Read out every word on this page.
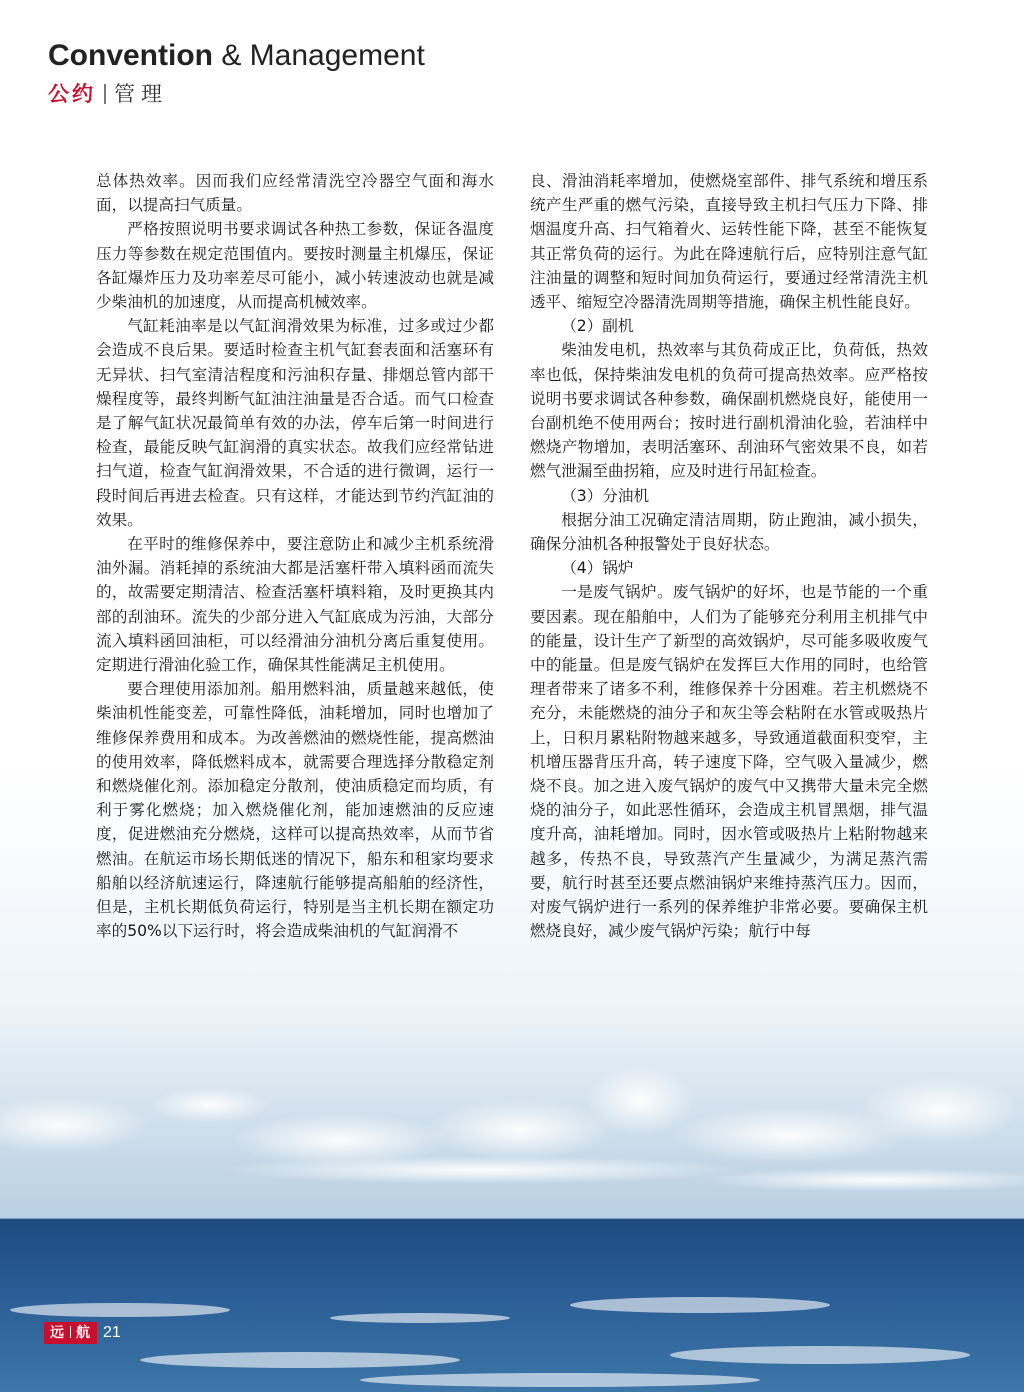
Convention & Management
公约 管理

总体热效率。因而我们应经常清洗空冷器空气面和海水面，以提高扫气质量。

严格按照说明书要求调试各种热工参数，保证各温度压力等参数在规定范围值内。要按时测量主机爆压，保证各缸爆炸压力及功率差尽可能小，减小转速波动也就是减少柴油机的加速度，从而提高机械效率。

气缸耗油率是以气缸润滑效果为标准，过多或过少都会造成不良后果。要适时检查主机气缸套表面和活塞环有无异状、扫气室清洁程度和污油积存量、排烟总管内部干燥程度等，最终判断气缸油注油量是否合适。而气口检查是了解气缸状况最简单有效的办法，停车后第一时间进行检查，最能反映气缸润滑的真实状态。故我们应经常钻进扫气道，检查气缸润滑效果，不合适的进行微调，运行一段时间后再进去检查。只有这样，才能达到节约汽缸油的效果。

在平时的维修保养中，要注意防止和减少主机系统滑油外漏。消耗掉的系统油大都是活塞杆带入填料函而流失的，故需要定期清洁、检查活塞杆填料箱，及时更换其内部的刮油环。流失的少部分进入气缸底成为污油，大部分流入填料函回油柜，可以经滑油分油机分离后重复使用。定期进行滑油化验工作，确保其性能满足主机使用。

要合理使用添加剂。船用燃料油，质量越来越低，使柴油机性能变差，可靠性降低，油耗增加，同时也增加了维修保养费用和成本。为改善燃油的燃烧性能，提高燃油的使用效率，降低燃料成本，就需要合理选择分散稳定剂和燃烧催化剂。添加稳定分散剂，使油质稳定而均质，有利于雾化燃烧；加入燃烧催化剂，能加速燃油的反应速度，促进燃油充分燃烧，这样可以提高热效率，从而节省燃油。在航运市场长期低迷的情况下，船东和租家均要求船舶以经济航速运行，降速航行能够提高船舶的经济性，但是，主机长期低负荷运行，特别是当主机长期在额定功率的50%以下运行时，将会造成柴油机的气缸润滑不

良、滑油消耗率增加，使燃烧室部件、排气系统和增压系统产生严重的燃气污染，直接导致主机扫气压力下降、排烟温度升高、扫气箱着火、运转性能下降，甚至不能恢复其正常负荷的运行。为此在降速航行后，应特别注意气缸注油量的调整和短时间加负荷运行，要通过经常清洗主机透平、缩短空冷器清洗周期等措施，确保主机性能良好。

（2）副机

柴油发电机，热效率与其负荷成正比，负荷低，热效率也低，保持柴油发电机的负荷可提高热效率。应严格按说明书要求调试各种参数，确保副机燃烧良好，能使用一台副机绝不使用两台；按时进行副机滑油化验，若油样中燃烧产物增加，表明活塞环、刮油环气密效果不良，如若燃气泄漏至曲拐箱，应及时进行吊缸检查。

（3）分油机

根据分油工况确定清洁周期，防止跑油，减小损失，确保分油机各种报警处于良好状态。

（4）锅炉

一是废气锅炉。废气锅炉的好坏，也是节能的一个重要因素。现在船舶中，人们为了能够充分利用主机排气中的能量，设计生产了新型的高效锅炉，尽可能多吸收废气中的能量。但是废气锅炉在发挥巨大作用的同时，也给管理者带来了诸多不利，维修保养十分困难。若主机燃烧不充分，未能燃烧的油分子和灰尘等会粘附在水管或吸热片上，日积月累粘附物越来越多，导致通道截面积变窄，主机增压器背压升高，转子速度下降，空气吸入量减少，燃烧不良。加之进入废气锅炉的废气中又携带大量未完全燃烧的油分子，如此恶性循环，会造成主机冒黑烟，排气温度升高，油耗增加。同时，因水管或吸热片上粘附物越来越多，传热不良，导致蒸汽产生量减少，为满足蒸汽需要，航行时甚至还要点燃油锅炉来维持蒸汽压力。因而，对废气锅炉进行一系列的保养维护非常必要。要确保主机燃烧良好，减少废气锅炉污染；航行中每

远 航 21
